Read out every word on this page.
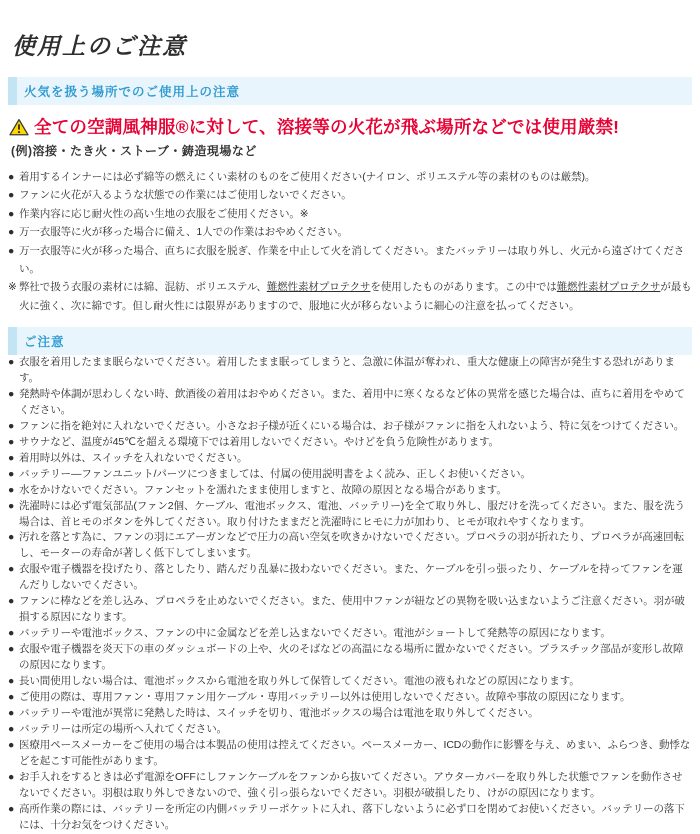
使用上のご注意
火気を扱う場所でのご使用上の注意
全ての空調風神服®に対して、溶接等の火花が飛ぶ場所などでは使用厳禁!
(例)溶接・たき火・ストーブ・鋳造現場など
● 着用するインナーには必ず綿等の燃えにくい素材のものをご使用ください(ナイロン、ポリエステル等の素材のものは厳禁)。
● ファンに火花が入るような状態での作業にはご使用しないでください。
● 作業内容に応じ耐火性の高い生地の衣服をご使用ください。※
● 万一衣服等に火が移った場合に備え、1人での作業はおやめください。
● 万一衣服等に火が移った場合、直ちに衣服を脱ぎ、作業を中止して火を消してください。またバッテリーは取り外し、火元から遠ざけてください。
※ 弊社で扱う衣服の素材には綿、混紡、ポリエステル、難燃性素材プロテクサを使用したものがあります。この中では難燃性素材プロテクサが最も火に強く、次に綿です。但し耐火性には限界がありますので、服地に火が移らないように細心の注意を払ってください。
ご注意
● 衣服を着用したまま眠らないでください。着用したまま眠ってしまうと、急激に体温が奪われ、重大な健康上の障害が発生する恐れがあります。
● 発熱時や体調が思わしくない時、飲酒後の着用はおやめください。また、着用中に寒くなるなど体の異常を感じた場合は、直ちに着用をやめてください。
● ファンに指を絶対に入れないでください。小さなお子様が近くにいる場合は、お子様がファンに指を入れないよう、特に気をつけてください。
● サウナなど、温度が45℃を超える環境下では着用しないでください。やけどを負う危険性があります。
● 着用時以外は、スイッチを入れないでください。
● バッテリー—ファンユニット/パーツにつきましては、付属の使用説明書をよく読み、正しくお使いください。
● 水をかけないでください。ファンセットを濡れたまま使用しますと、故障の原因となる場合があります。
● 洗濯時には必ず電気部品(ファン2個、ケーブル、電池ボックス、電池、バッテリー)を全て取り外し、服だけを洗ってください。また、服を洗う場合は、首ヒモのボタンを外してください。取り付けたままだと洗濯時にヒモに力が加わり、ヒモが取れやすくなります。
● 汚れを落とす為に、ファンの羽にエアーガンなどで圧力の高い空気を吹きかけないでください。プロペラの羽が折れたり、プロペラが高速回転し、モーターの寿命が著しく低下してしまいます。
● 衣服や電子機器を投げたり、落としたり、踏んだり乱暴に扱わないでください。また、ケーブルを引っ張ったり、ケーブルを持ってファンを運んだりしないでください。
● ファンに棒などを差し込み、プロペラを止めないでください。また、使用中ファンが紐などの異物を吸い込まないようご注意ください。羽が破損する原因になります。
● バッテリーや電池ボックス、ファンの中に金属などを差し込まないでください。電池がショートして発熱等の原因になります。
● 衣服や電子機器を炎天下の車のダッシュボードの上や、火のそばなどの高温になる場所に置かないでください。プラスチック部品が変形し故障の原因になります。
● 長い間使用しない場合は、電池ボックスから電池を取り外して保管してください。電池の液もれなどの原因になります。
● ご使用の際は、専用ファン・専用ファン用ケーブル・専用バッテリー以外は使用しないでください。故障や事故の原因になります。
● バッテリーや電池が異常に発熱した時は、スイッチを切り、電池ボックスの場合は電池を取り外してください。
● バッテリーは所定の場所へ入れてください。
● 医療用ペースメーカーをご使用の場合は本製品の使用は控えてください。ペースメーカー、ICDの動作に影響を与え、めまい、ふらつき、動悸などを起こす可能性があります。
● お手入れをするときは必ず電源をOFFにしファンケーブルをファンから抜いてください。アウターカバーを取り外した状態でファンを動作させないでください。羽根は取り外しできないので、強く引っ張らないでください。羽根が破損したり、けがの原因になります。
● 高所作業の際には、バッテリーを所定の内側バッテリーポケットに入れ、落下しないように必ず口を閉めてお使いください。バッテリーの落下には、十分お気をつけください。
